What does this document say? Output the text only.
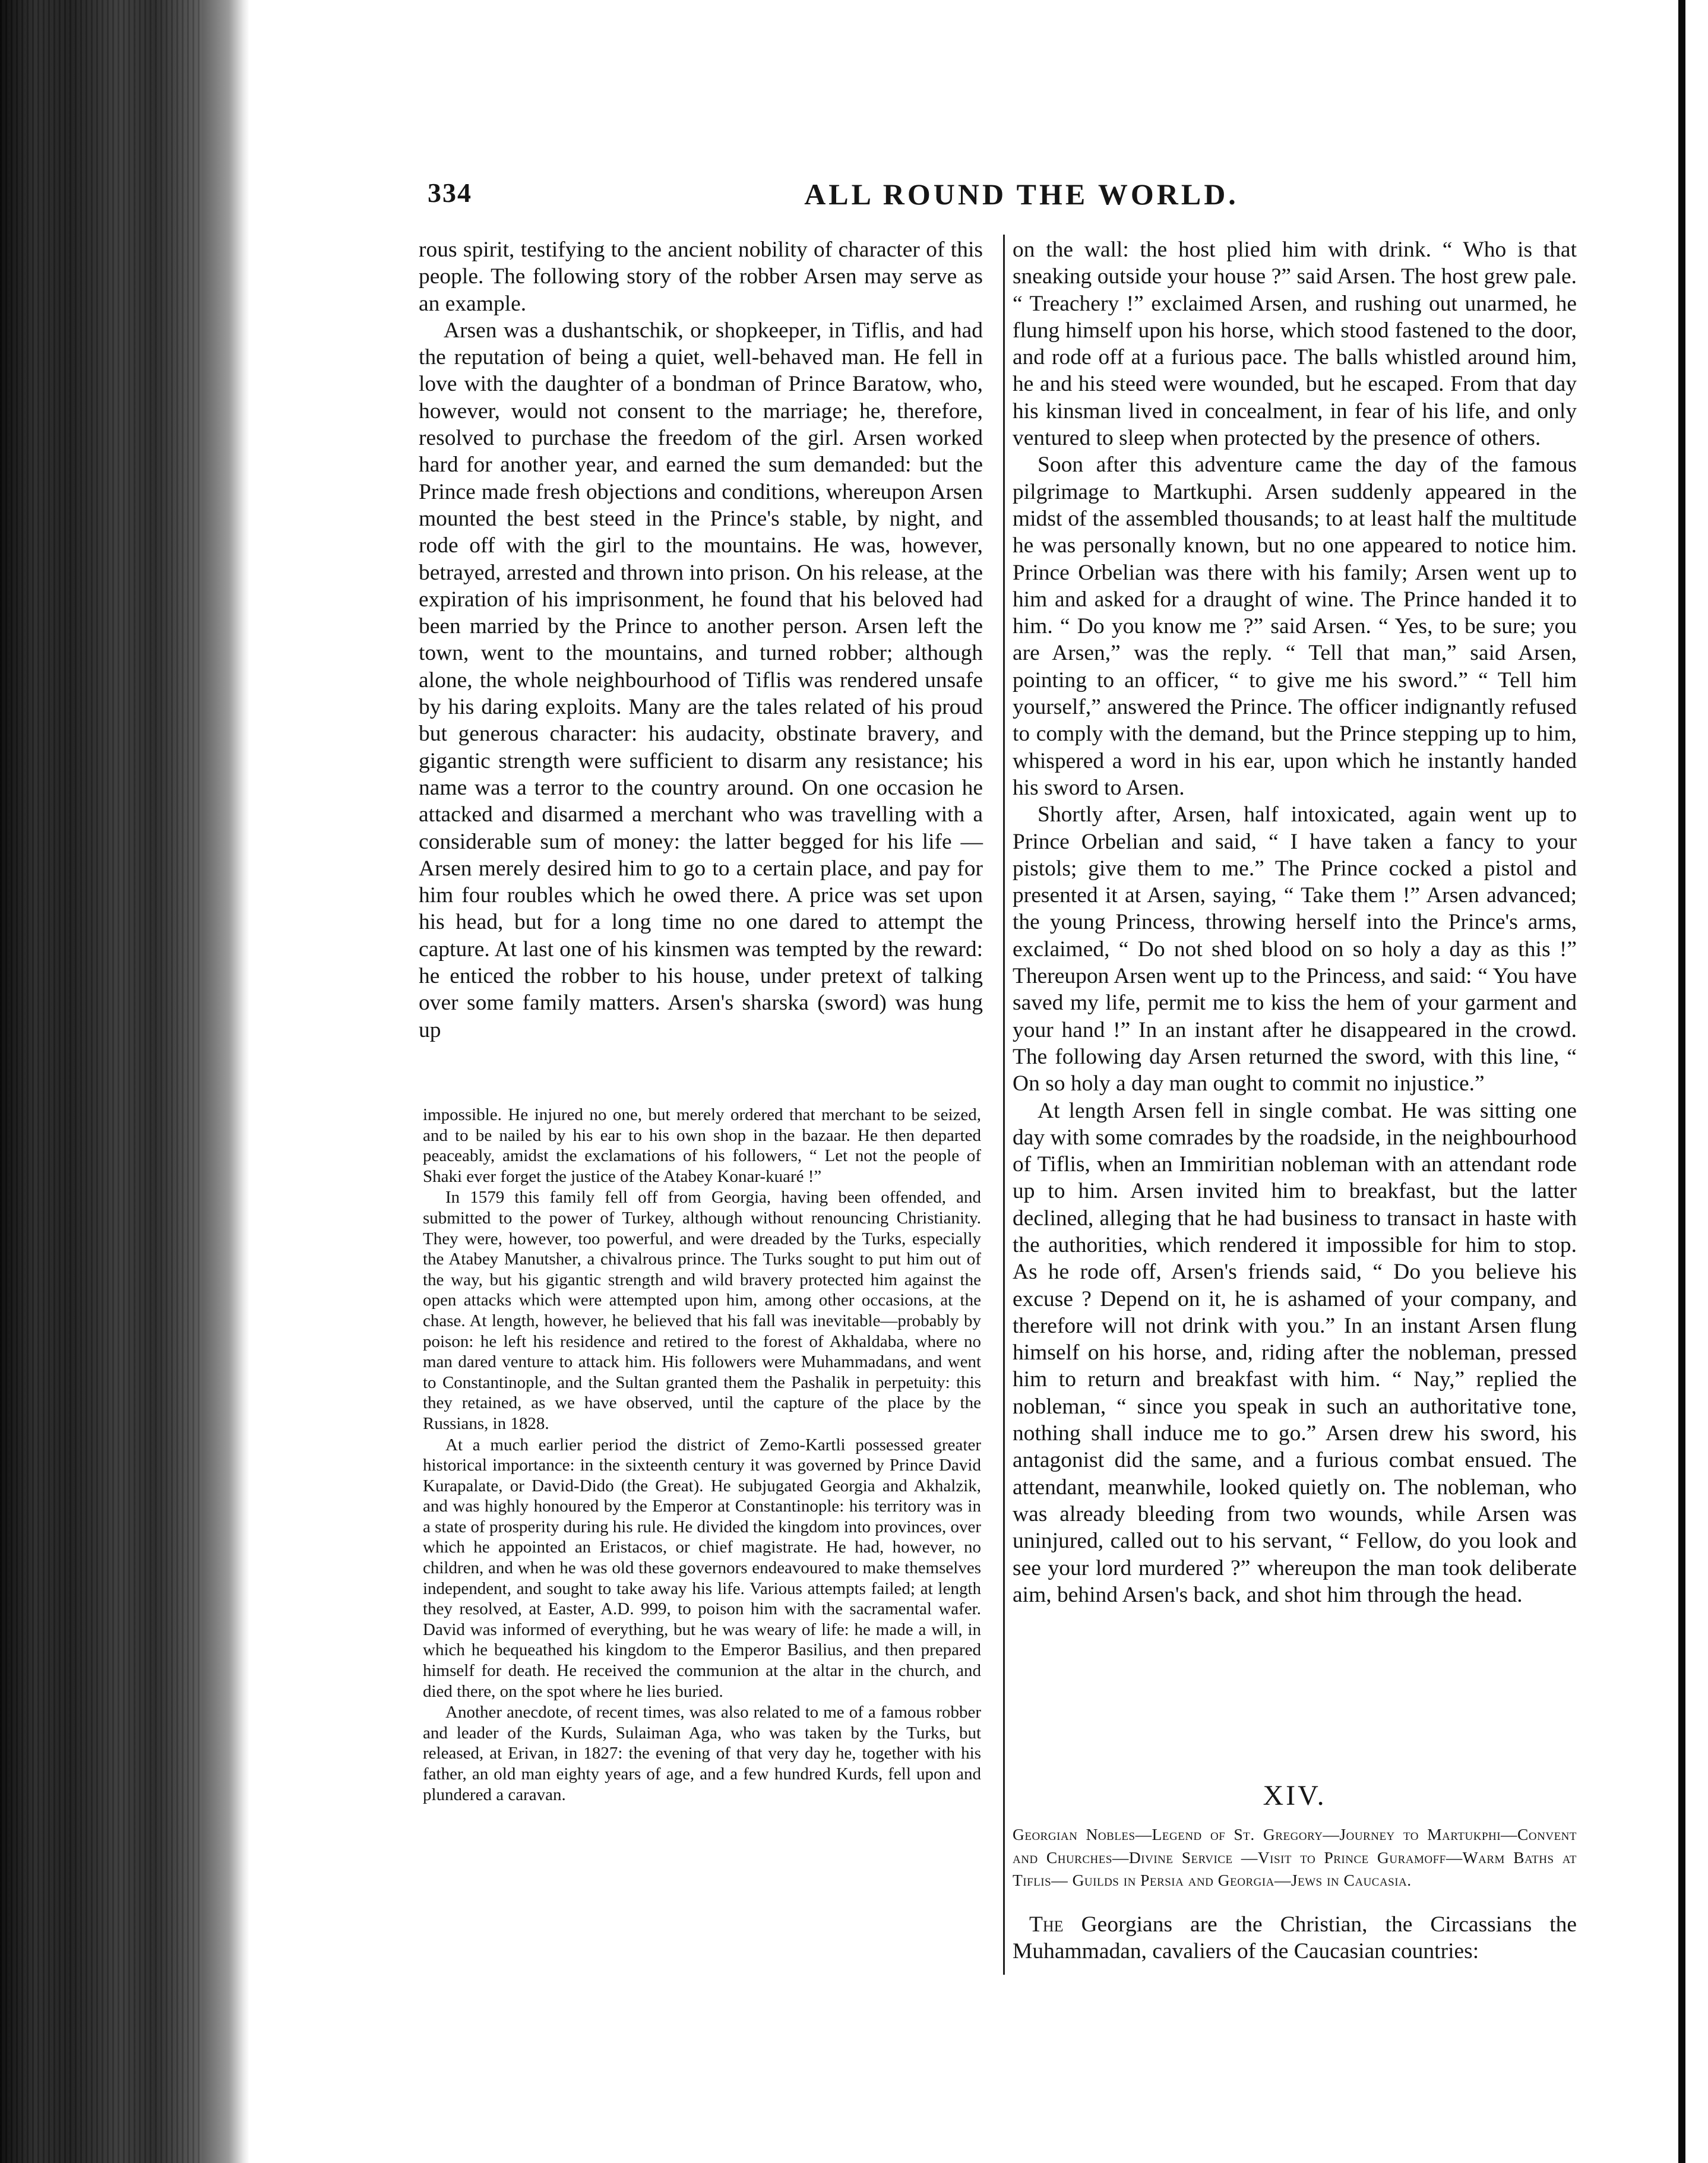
334	ALL ROUND THE WORLD.

rous spirit, testifying to the ancient nobility of character of this people. The following story of the robber Arsen may serve as an example.

Arsen was a dushantschik, or shopkeeper, in Tiflis, and had the reputation of being a quiet, well-behaved man. He fell in love with the daughter of a bondman of Prince Baratow, who, however, would not consent to the marriage; he, therefore, resolved to purchase the freedom of the girl. Arsen worked hard for another year, and earned the sum demanded: but the Prince made fresh objections and conditions, whereupon Arsen mounted the best steed in the Prince's stable, by night, and rode off with the girl to the mountains. He was, however, betrayed, arrested and thrown into prison. On his release, at the expiration of his imprisonment, he found that his beloved had been married by the Prince to another person. Arsen left the town, went to the mountains, and turned robber; although alone, the whole neighbourhood of Tiflis was rendered unsafe by his daring exploits. Many are the tales related of his proud but generous character: his audacity, obstinate bravery, and gigantic strength were sufficient to disarm any resistance; his name was a terror to the country around. On one occasion he attacked and disarmed a merchant who was travelling with a considerable sum of money: the latter begged for his life —Arsen merely desired him to go to a certain place, and pay for him four roubles which he owed there. A price was set upon his head, but for a long time no one dared to attempt the capture. At last one of his kinsmen was tempted by the reward: he enticed the robber to his house, under pretext of talking over some family matters. Arsen's sharska (sword) was hung up

impossible. He injured no one, but merely ordered that merchant to be seized, and to be nailed by his ear to his own shop in the bazaar. He then departed peaceably, amidst the exclamations of his followers, “ Let not the people of Shaki ever forget the justice of the Atabey Konar-kuaré !”

In 1579 this family fell off from Georgia, having been offended, and submitted to the power of Turkey, although without renouncing Christianity. They were, however, too powerful, and were dreaded by the Turks, especially the Atabey Manutsher, a chivalrous prince. The Turks sought to put him out of the way, but his gigantic strength and wild bravery protected him against the open attacks which were attempted upon him, among other occasions, at the chase. At length, however, he believed that his fall was inevitable—probably by poison: he left his residence and retired to the forest of Akhaldaba, where no man dared venture to attack him. His followers were Muhammadans, and went to Constantinople, and the Sultan granted them the Pashalik in perpetuity: this they retained, as we have observed, until the capture of the place by the Russians, in 1828.

At a much earlier period the district of Zemo-Kartli possessed greater historical importance: in the sixteenth century it was governed by Prince David Kurapalate, or David-Dido (the Great). He subjugated Georgia and Akhalzik, and was highly honoured by the Emperor at Constantinople: his territory was in a state of prosperity during his rule. He divided the kingdom into provinces, over which he appointed an Eristacos, or chief magistrate. He had, however, no children, and when he was old these governors endeavoured to make themselves independent, and sought to take away his life. Various attempts failed; at length they resolved, at Easter, A.D. 999, to poison him with the sacramental wafer. David was informed of everything, but he was weary of life: he made a will, in which he bequeathed his kingdom to the Emperor Basilius, and then prepared himself for death. He received the communion at the altar in the church, and died there, on the spot where he lies buried.

Another anecdote, of recent times, was also related to me of a famous robber and leader of the Kurds, Sulaiman Aga, who was taken by the Turks, but released, at Erivan, in 1827: the evening of that very day he, together with his father, an old man eighty years of age, and a few hundred Kurds, fell upon and plundered a caravan.

on the wall: the host plied him with drink. “ Who is that sneaking outside your house ?” said Arsen. The host grew pale. “ Treachery !” exclaimed Arsen, and rushing out unarmed, he flung himself upon his horse, which stood fastened to the door, and rode off at a furious pace. The balls whistled around him, he and his steed were wounded, but he escaped. From that day his kinsman lived in concealment, in fear of his life, and only ventured to sleep when protected by the presence of others.

Soon after this adventure came the day of the famous pilgrimage to Martkuphi. Arsen suddenly appeared in the midst of the assembled thousands; to at least half the multitude he was personally known, but no one appeared to notice him. Prince Orbelian was there with his family; Arsen went up to him and asked for a draught of wine. The Prince handed it to him. “ Do you know me ?” said Arsen. “ Yes, to be sure; you are Arsen,” was the reply. “ Tell that man,” said Arsen, pointing to an officer, “ to give me his sword.” “ Tell him yourself,” answered the Prince. The officer indignantly refused to comply with the demand, but the Prince stepping up to him, whispered a word in his ear, upon which he instantly handed his sword to Arsen.

Shortly after, Arsen, half intoxicated, again went up to Prince Orbelian and said, “ I have taken a fancy to your pistols; give them to me.” The Prince cocked a pistol and presented it at Arsen, saying, “ Take them !” Arsen advanced; the young Princess, throwing herself into the Prince's arms, exclaimed, “ Do not shed blood on so holy a day as this !” Thereupon Arsen went up to the Princess, and said: “ You have saved my life, permit me to kiss the hem of your garment and your hand !” In an instant after he disappeared in the crowd. The following day Arsen returned the sword, with this line, “ On so holy a day man ought to commit no injustice.”

At length Arsen fell in single combat. He was sitting one day with some comrades by the roadside, in the neighbourhood of Tiflis, when an Immiritian nobleman with an attendant rode up to him. Arsen invited him to breakfast, but the latter declined, alleging that he had business to transact in haste with the authorities, which rendered it impossible for him to stop. As he rode off, Arsen's friends said, “ Do you believe his excuse ? Depend on it, he is ashamed of your company, and therefore will not drink with you.” In an instant Arsen flung himself on his horse, and, riding after the nobleman, pressed him to return and breakfast with him. “ Nay,” replied the nobleman, “ since you speak in such an authoritative tone, nothing shall induce me to go.” Arsen drew his sword, his antagonist did the same, and a furious combat ensued. The attendant, meanwhile, looked quietly on. The nobleman, who was already bleeding from two wounds, while Arsen was uninjured, called out to his servant, “ Fellow, do you look and see your lord murdered ?” whereupon the man took deliberate aim, behind Arsen's back, and shot him through the head.

XIV.
Georgian Nobles—Legend of St. Gregory—Journey to Martukphi—Convent and Churches—Divine Service —Visit to Prince Guramoff—Warm Baths at Tiflis— Guilds in Persia and Georgia—Jews in Caucasia.
The Georgians are the Christian, the Circassians the Muhammadan, cavaliers of the Caucasian countries:
